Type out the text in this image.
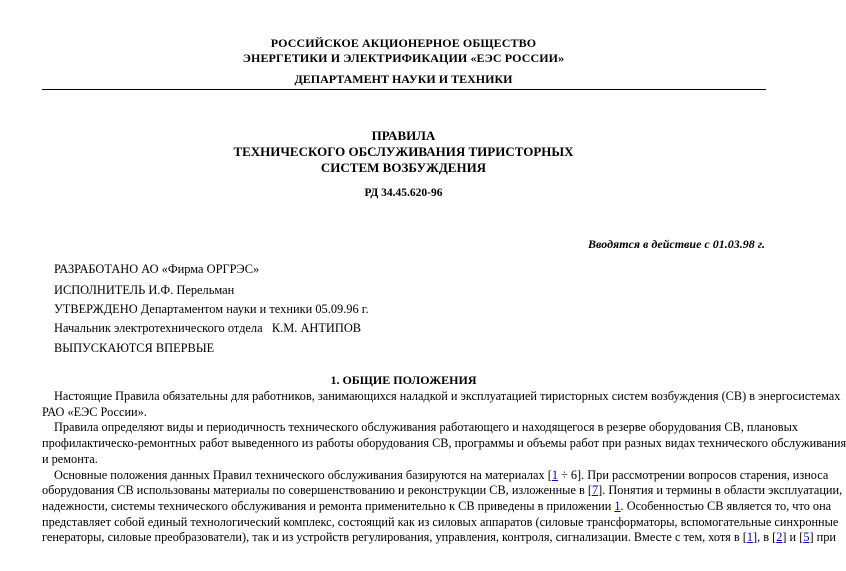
РОССИЙСКОЕ АКЦИОНЕРНОЕ ОБЩЕСТВО
ЭНЕРГЕТИКИ И ЭЛЕКТРИФИКАЦИИ «ЕЭС РОССИИ»
ДЕПАРТАМЕНТ НАУКИ И ТЕХНИКИ
ПРАВИЛА
ТЕХНИЧЕСКОГО ОБСЛУЖИВАНИЯ ТИРИСТОРНЫХ
СИСТЕМ ВОЗБУЖДЕНИЯ
РД 34.45.620-96
Вводятся в действие с 01.03.98 г.
РАЗРАБОТАНО АО «Фирма ОРГРЭС»
ИСПОЛНИТЕЛЬ И.Ф. Перельман
УТВЕРЖДЕНО Департаментом науки и техники 05.09.96 г.
Начальник электротехнического отдела   К.М. АНТИПОВ
ВЫПУСКАЮТСЯ ВПЕРВЫЕ
1. ОБЩИЕ ПОЛОЖЕНИЯ
Настоящие Правила обязательны для работников, занимающихся наладкой и эксплуатацией тиристорных систем возбуждения (СВ) в энергосистемах
РАО «ЕЭС России».
Правила определяют виды и периодичность технического обслуживания работающего и находящегося в резерве оборудования СВ, плановых
профилактическо-ремонтных работ выведенного из работы оборудования СВ, программы и объемы работ при разных видах технического обслуживания
и ремонта.
Основные положения данных Правил технического обслуживания базируются на материалах [1 ÷ 6]. При рассмотрении вопросов старения, износа
оборудования СВ использованы материалы по совершенствованию и реконструкции СВ, изложенные в [7]. Понятия и термины в области эксплуатации,
надежности, системы технического обслуживания и ремонта применительно к СВ приведены в приложении 1. Особенностью СВ является то, что она
представляет собой единый технологический комплекс, состоящий как из силовых аппаратов (силовые трансформаторы, вспомогательные синхронные
генераторы, силовые преобразователи), так и из устройств регулирования, управления, контроля, сигнализации. Вместе с тем, хотя в [1], в [2] и [5] при
